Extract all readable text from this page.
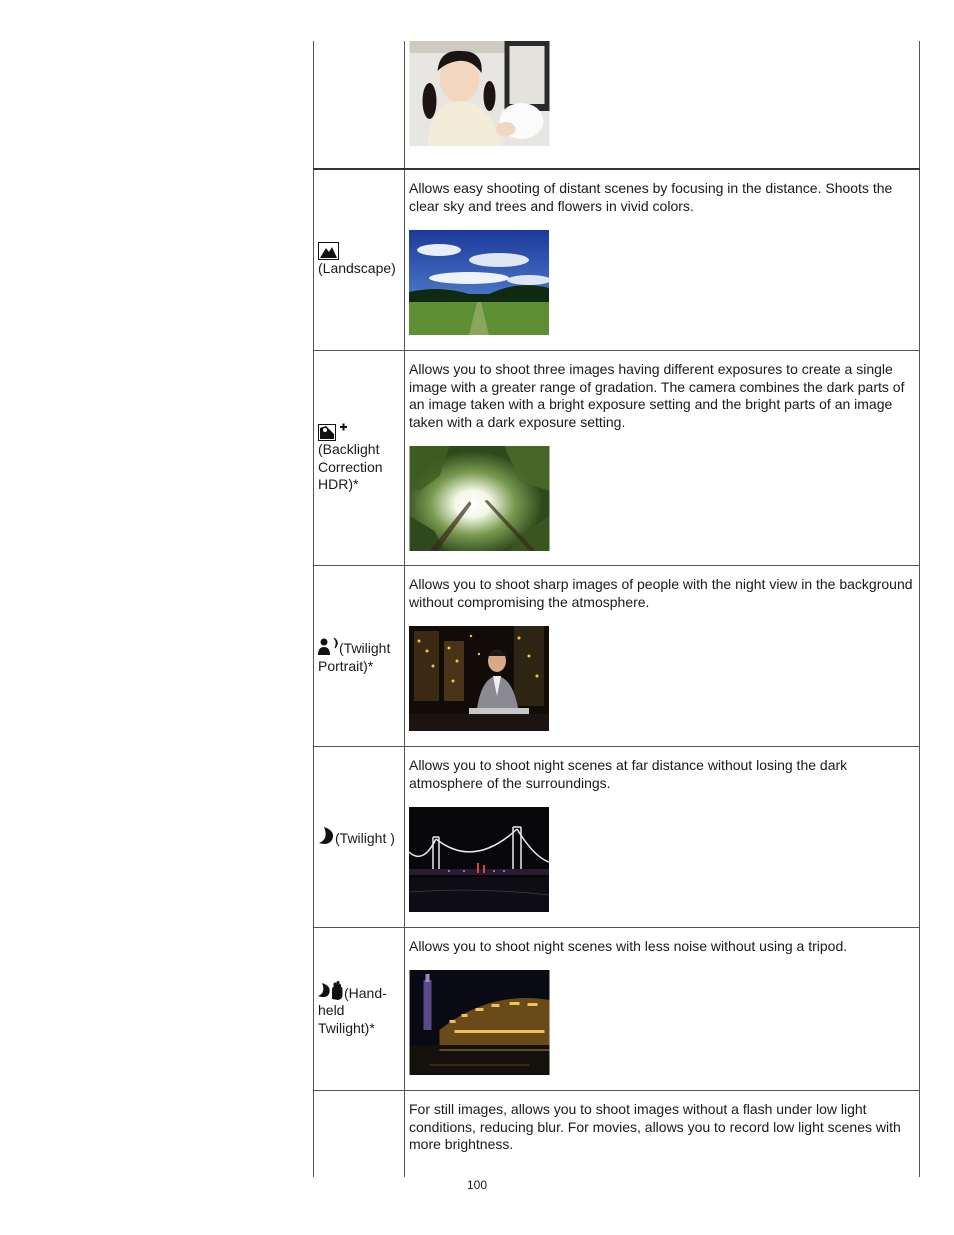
(Landscape)

Allows easy shooting of distant scenes by focusing in the distance. Shoots the clear sky and trees and flowers in vivid colors.

(Backlight Correction HDR)*

Allows you to shoot three images having different exposures to create a single image with a greater range of gradation. The camera combines the dark parts of an image taken with a bright exposure setting and the bright parts of an image taken with a dark exposure setting.

(Twilight Portrait)*

Allows you to shoot sharp images of people with the night view in the background without compromising the atmosphere.

(Twilight )

Allows you to shoot night scenes at far distance without losing the dark atmosphere of the surroundings.

(Hand-held Twilight)*

Allows you to shoot night scenes with less noise without using a tripod.

For still images, allows you to shoot images without a flash under low light conditions, reducing blur. For movies, allows you to record low light scenes with more brightness.

100
